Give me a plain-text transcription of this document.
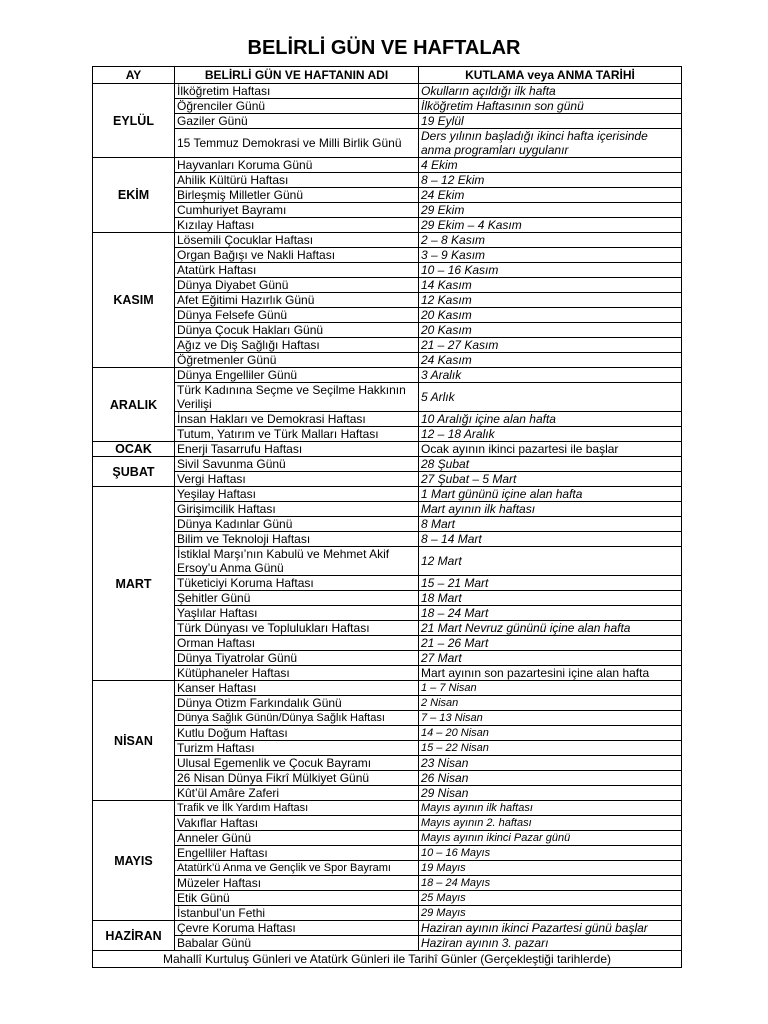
BELİRLİ GÜN VE HAFTALAR
AY	BELİRLİ GÜN VE HAFTANIN ADI	KUTLAMA veya ANMA TARİHİ
EYLÜL	İlköğretim Haftası	Okulların açıldığı ilk hafta
	Öğrenciler Günü	İlköğretim Haftasının son günü
	Gaziler Günü	19 Eylül
	15 Temmuz Demokrasi ve Milli Birlik Günü	Ders yılının başladığı ikinci hafta içerisinde anma programları uygulanır
EKİM	Hayvanları Koruma Günü	4 Ekim
	Ahilik Kültürü Haftası	8 – 12 Ekim
	Birleşmiş Milletler Günü	24 Ekim
	Cumhuriyet Bayramı	29 Ekim
	Kızılay Haftası	29 Ekim – 4 Kasım
KASIM	Lösemili Çocuklar Haftası	2 – 8 Kasım
	Organ Bağışı ve Nakli Haftası	3 – 9 Kasım
	Atatürk Haftası	10 – 16 Kasım
	Dünya Diyabet Günü	14 Kasım
	Afet Eğitimi Hazırlık Günü	12 Kasım
	Dünya Felsefe Günü	20 Kasım
	Dünya Çocuk Hakları Günü	20 Kasım
	Ağız ve Diş Sağlığı Haftası	21 – 27 Kasım
	Öğretmenler Günü	24 Kasım
ARALIK	Dünya Engelliler Günü	3 Aralık
	Türk Kadınına Seçme ve Seçilme Hakkının Verilişi	5 Arlık
	İnsan Hakları ve Demokrasi Haftası	10 Aralığı içine alan hafta
	Tutum, Yatırım ve Türk Malları Haftası	12 – 18 Aralık
OCAK	Enerji Tasarrufu Haftası	Ocak ayının ikinci pazartesi ile başlar
ŞUBAT	Sivil Savunma Günü	28 Şubat
	Vergi Haftası	27 Şubat – 5 Mart
MART	Yeşilay Haftası	1 Mart gününü içine alan hafta
	Girişimcilik Haftası	Mart ayının ilk haftası
	Dünya Kadınlar Günü	8 Mart
	Bilim ve Teknoloji Haftası	8 – 14 Mart
	İstiklal Marşı’nın Kabulü ve Mehmet Akif Ersoy’u Anma Günü	12 Mart
	Tüketiciyi Koruma Haftası	15 – 21 Mart
	Şehitler Günü	18 Mart
	Yaşlılar Haftası	18 – 24 Mart
	Türk Dünyası ve Toplulukları Haftası	21 Mart Nevruz gününü içine alan hafta
	Orman Haftası	21 – 26 Mart
	Dünya Tiyatrolar Günü	27 Mart
	Kütüphaneler Haftası	Mart ayının son pazartesini içine alan hafta
NİSAN	Kanser Haftası	1 – 7 Nisan
	Dünya Otizm Farkındalık Günü	2 Nisan
	Dünya Sağlık Günün/Dünya Sağlık Haftası	7 – 13 Nisan
	Kutlu Doğum Haftası	14 – 20 Nisan
	Turizm Haftası	15 – 22 Nisan
	Ulusal Egemenlik ve Çocuk Bayramı	23 Nisan
	26 Nisan Dünya Fikrî Mülkiyet Günü	26 Nisan
	Kût’ül Amâre Zaferi	29 Nisan
MAYIS	Trafik ve İlk Yardım Haftası	Mayıs ayının ilk haftası
	Vakıflar Haftası	Mayıs ayının 2. haftası
	Anneler Günü	Mayıs ayının ikinci Pazar günü
	Engelliler Haftası	10 – 16 Mayıs
	Atatürk’ü Anma ve Gençlik ve Spor Bayramı	19 Mayıs
	Müzeler Haftası	18 – 24 Mayıs
	Etik Günü	25 Mayıs
	İstanbul’un Fethi	29 Mayıs
HAZİRAN	Çevre Koruma Haftası	Haziran ayının ikinci Pazartesi günü başlar
	Babalar Günü	Haziran ayının 3. pazarı
Mahallî Kurtuluş Günleri ve Atatürk Günleri ile Tarihî Günler (Gerçekleştiği tarihlerde)		
